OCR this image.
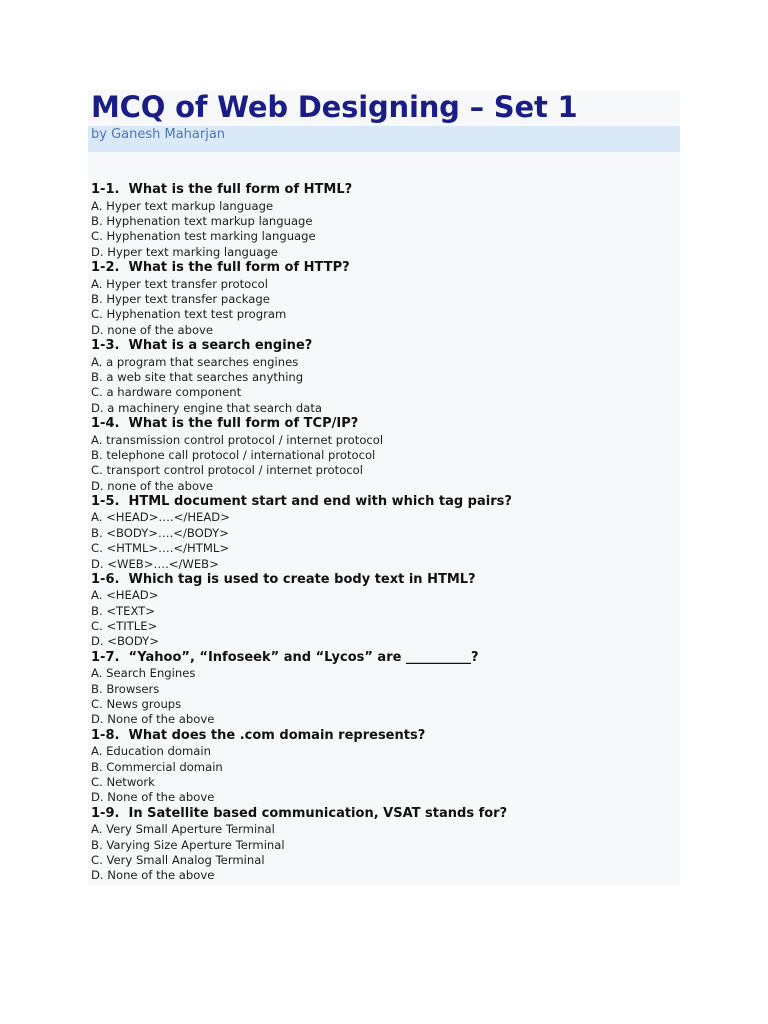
MCQ of Web Designing – Set 1
by Ganesh Maharjan
1-1. What is the full form of HTML?
A. Hyper text markup language
B. Hyphenation text markup language
C. Hyphenation test marking language
D. Hyper text marking language
1-2. What is the full form of HTTP?
A. Hyper text transfer protocol
B. Hyper text transfer package
C. Hyphenation text test program
D. none of the above
1-3. What is a search engine?
A. a program that searches engines
B. a web site that searches anything
C. a hardware component
D. a machinery engine that search data
1-4. What is the full form of TCP/IP?
A. transmission control protocol / internet protocol
B. telephone call protocol / international protocol
C. transport control protocol / internet protocol
D. none of the above
1-5. HTML document start and end with which tag pairs?
A. <HEAD>….</HEAD>
B. <BODY>….</BODY>
C. <HTML>….</HTML>
D. <WEB>….</WEB>
1-6. Which tag is used to create body text in HTML?
A. <HEAD>
B. <TEXT>
C. <TITLE>
D. <BODY>
1-7. “Yahoo”, “Infoseek” and “Lycos” are __________?
A. Search Engines
B. Browsers
C. News groups
D. None of the above
1-8. What does the .com domain represents?
A. Education domain
B. Commercial domain
C. Network
D. None of the above
1-9. In Satellite based communication, VSAT stands for?
A. Very Small Aperture Terminal
B. Varying Size Aperture Terminal
C. Very Small Analog Terminal
D. None of the above
